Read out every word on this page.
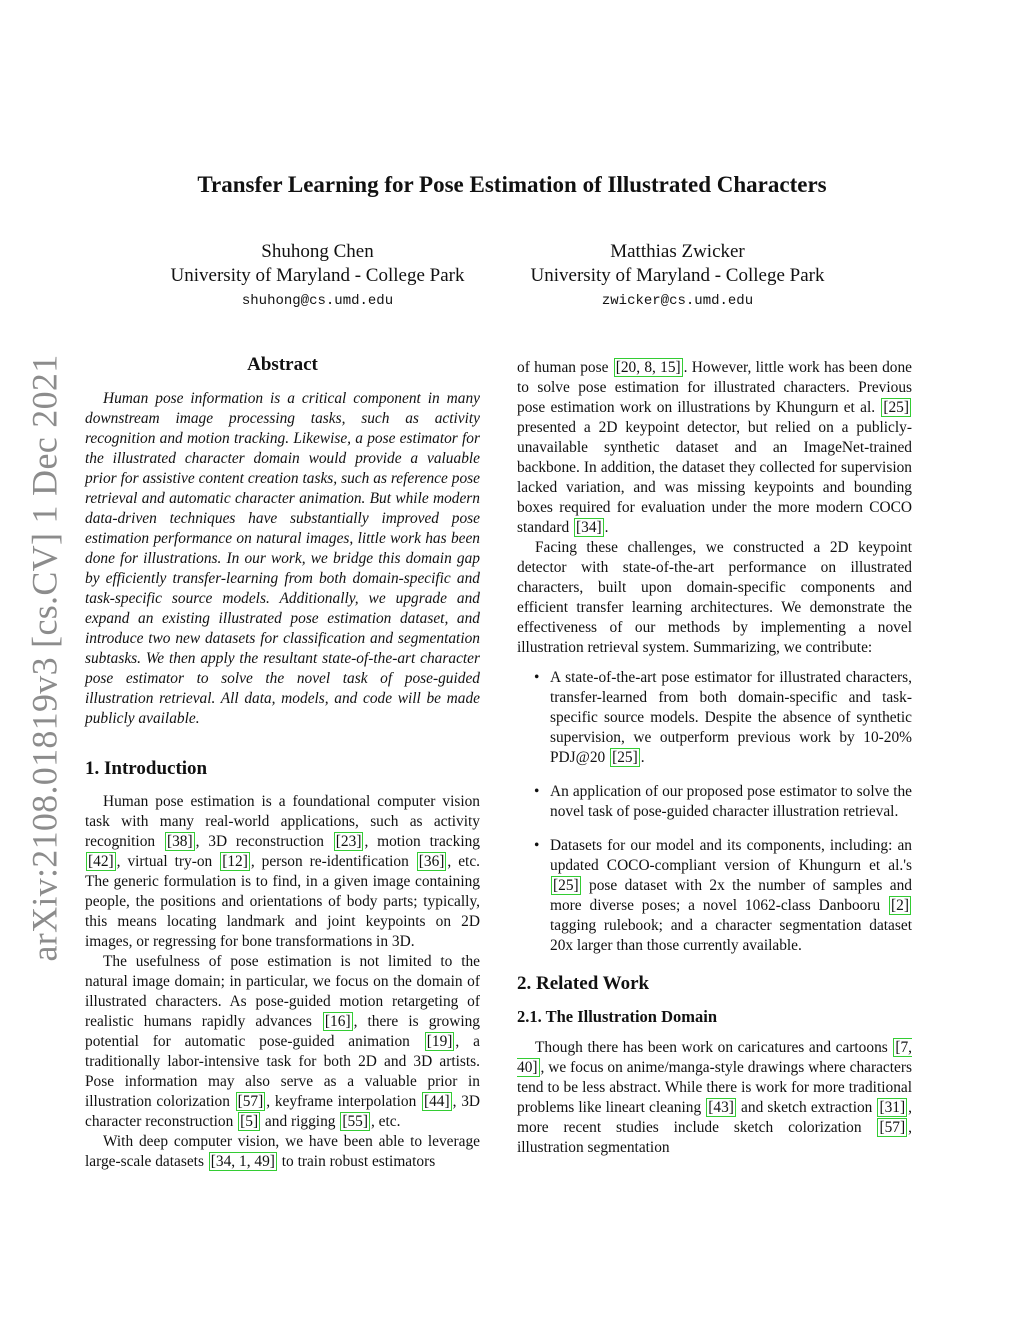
arXiv:2108.01819v3 [cs.CV] 1 Dec 2021
Transfer Learning for Pose Estimation of Illustrated Characters
Shuhong Chen
University of Maryland - College Park
shuhong@cs.umd.edu
Matthias Zwicker
University of Maryland - College Park
zwicker@cs.umd.edu
Abstract

Human pose information is a critical component in many downstream image processing tasks, such as activity recognition and motion tracking. Likewise, a pose estimator for the illustrated character domain would provide a valuable prior for assistive content creation tasks, such as reference pose retrieval and automatic character animation. But while modern data-driven techniques have substantially improved pose estimation performance on natural images, little work has been done for illustrations. In our work, we bridge this domain gap by efficiently transfer-learning from both domain-specific and task-specific source models. Additionally, we upgrade and expand an existing illustrated pose estimation dataset, and introduce two new datasets for classification and segmentation subtasks. We then apply the resultant state-of-the-art character pose estimator to solve the novel task of pose-guided illustration retrieval. All data, models, and code will be made publicly available.

1. Introduction

Human pose estimation is a foundational computer vision task with many real-world applications, such as activity recognition [38] , 3D reconstruction [23] , motion tracking [42] , virtual try-on [12] , person re-identification [36] , etc. The generic formulation is to find, in a given image containing people, the positions and orientations of body parts; typically, this means locating landmark and joint keypoints on 2D images, or regressing for bone transformations in 3D.

The usefulness of pose estimation is not limited to the natural image domain; in particular, we focus on the domain of illustrated characters. As pose-guided motion retargeting of realistic humans rapidly advances [16] , there is growing potential for automatic pose-guided animation [19] , a traditionally labor-intensive task for both 2D and 3D artists. Pose information may also serve as a valuable prior in illustration colorization [57] , keyframe interpolation [44] , 3D character reconstruction [5] and rigging [55] , etc.

With deep computer vision, we have been able to leverage large-scale datasets [34, 1, 49] to train robust estimators

of human pose [20, 8, 15] . However, little work has been done to solve pose estimation for illustrated characters. Previous pose estimation work on illustrations by Khungurn et al. [25] presented a 2D keypoint detector, but relied on a publicly-unavailable synthetic dataset and an ImageNet-trained backbone. In addition, the dataset they collected for supervision lacked variation, and was missing keypoints and bounding boxes required for evaluation under the more modern COCO standard [34] .

Facing these challenges, we constructed a 2D keypoint detector with state-of-the-art performance on illustrated characters, built upon domain-specific components and efficient transfer learning architectures. We demonstrate the effectiveness of our methods by implementing a novel illustration retrieval system. Summarizing, we contribute:

• A state-of-the-art pose estimator for illustrated characters, transfer-learned from both domain-specific and task-specific source models. Despite the absence of synthetic supervision, we outperform previous work by 10-20% PDJ@20 [25] .
• An application of our proposed pose estimator to solve the novel task of pose-guided character illustration retrieval.
• Datasets for our model and its components, including: an updated COCO-compliant version of Khungurn et al.'s [25] pose dataset with 2x the number of samples and more diverse poses; a novel 1062-class Danbooru [2] tagging rulebook; and a character segmentation dataset 20x larger than those currently available.
2. Related Work
2.1. The Illustration Domain

Though there has been work on caricatures and cartoons [7, 40] , we focus on anime/manga-style drawings where characters tend to be less abstract. While there is work for more traditional problems like lineart cleaning [43] and sketch extraction [31] , more recent studies include sketch colorization [57] , illustration segmentation
